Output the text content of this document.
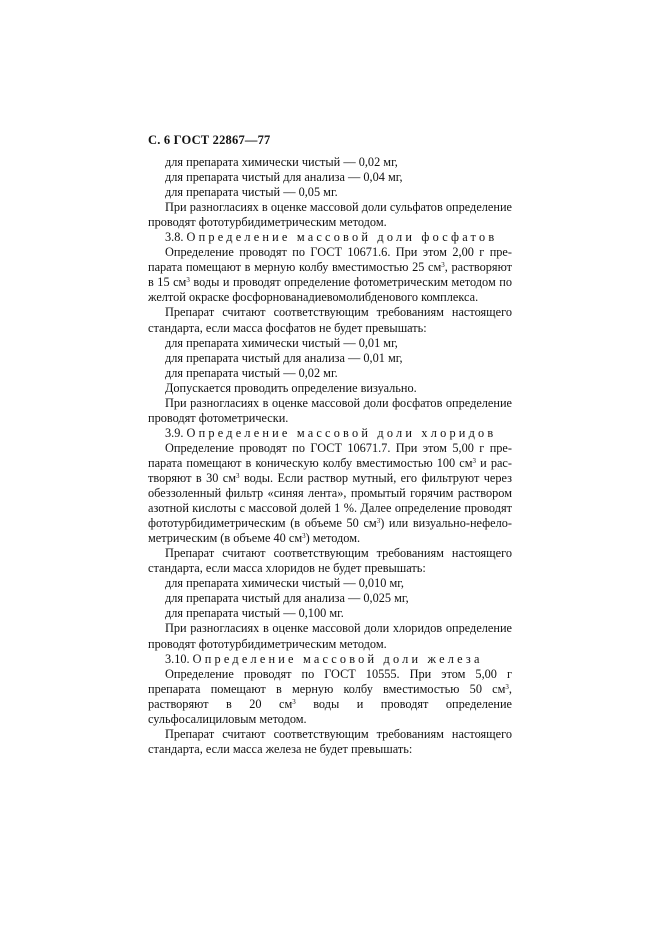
С. 6 ГОСТ 22867—77

для препарата химически чистый — 0,02 мг,

для препарата чистый для анализа — 0,04 мг,

для препарата чистый — 0,05 мг.

При разногласиях в оценке массовой доли сульфатов определение проводят фототурбидиметрическим методом.

3.8. Определение массовой доли фосфатов

Определение проводят по ГОСТ 10671.6. При этом 2,00 г препарата помещают в мерную колбу вместимостью 25 $см^3$, растворяют в 15 $см^3$ воды и проводят определение фотометрическим методом по желтой окраске фосфорнованадиевомолибденового комплекса.

Препарат считают соответствующим требованиям настоящего стандарта, если масса фосфатов не будет превышать:

для препарата химически чистый — 0,01 мг,

для препарата чистый для анализа — 0,01 мг,

для препарата чистый — 0,02 мг.

Допускается проводить определение визуально.

При разногласиях в оценке массовой доли фосфатов определение проводят фотометрически.

3.9. Определение массовой доли хлоридов

Определение проводят по ГОСТ 10671.7. При этом 5,00 г препарата помещают в коническую колбу вместимостью 100 $см^3$ и растворяют в 30 $см^3$ воды. Если раствор мутный, его фильтруют через обеззоленный фильтр «синяя лента», промытый горячим раствором азотной кислоты с массовой долей 1 %. Далее определение проводят фототурбидиметрическим (в объеме 50 $см^3$) или визуально-нефелометрическим (в объеме 40 $см^3$) методом.

Препарат считают соответствующим требованиям настоящего стандарта, если масса хлоридов не будет превышать:

для препарата химически чистый — 0,010 мг,

для препарата чистый для анализа — 0,025 мг,

для препарата чистый — 0,100 мг.

При разногласиях в оценке массовой доли хлоридов определение проводят фототурбидиметрическим методом.

3.10. Определение массовой доли железа

Определение проводят по ГОСТ 10555. При этом 5,00 г препарата помещают в мерную колбу вместимостью 50 $см^3$, растворяют в 20 $см^3$ воды и проводят определение сульфосалициловым методом.

Препарат считают соответствующим требованиям настоящего стандарта, если масса железа не будет превышать:
